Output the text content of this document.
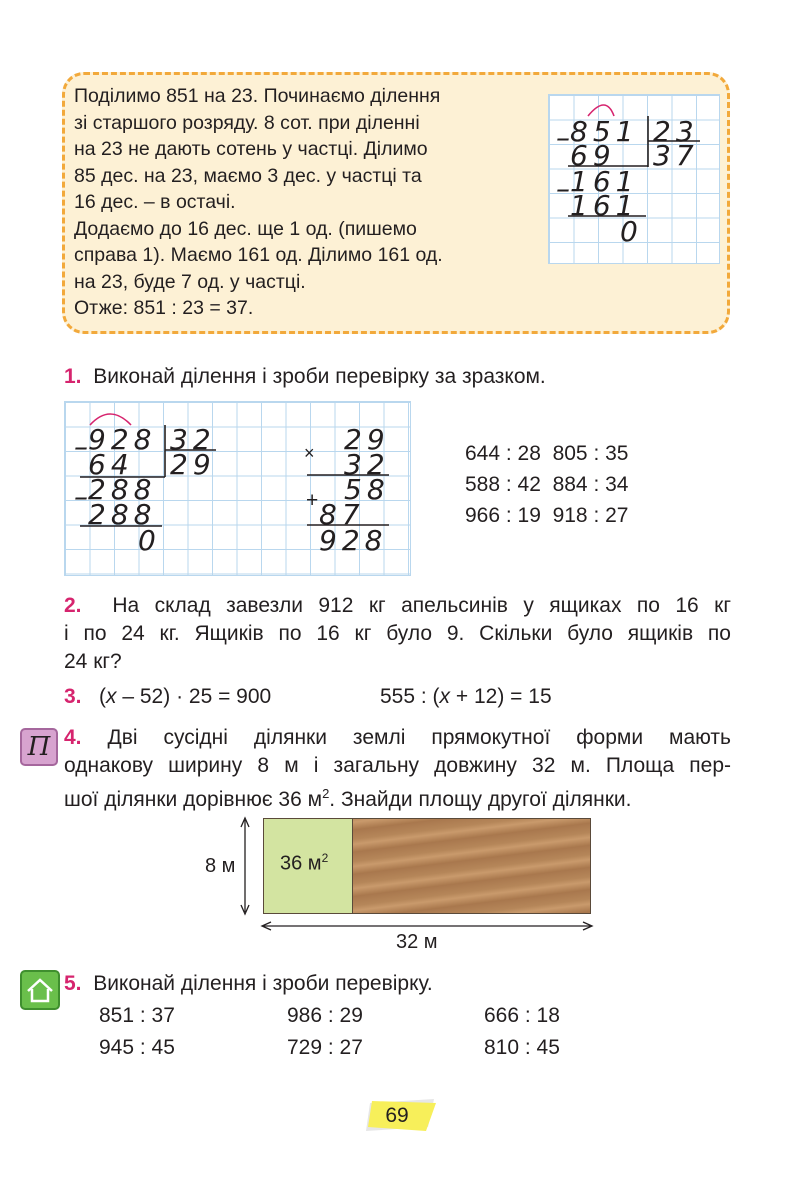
Поділимо 851 на 23. Починаємо ділення
зі старшого розряду. 8 сот. при діленні
на 23 не дають сотень у частці. Ділимо
85 дес. на 23, маємо 3 дес. у частці та
16 дес. – в остачі.
Додаємо до 16 дес. ще 1 од. (пишемо
справа 1). Маємо 161 од. Ділимо 161 од.
на 23, буде 7 од. у частці.
Отже: 851 : 23 = 37.
–
851 23
69 37
–
161
161
0
1. Виконай ділення і зроби перевірку за зразком.
–
928 32
64 29
–
288
288
0
× 29
32
58
+ 87
928
644 : 28 805 : 35
588 : 42 884 : 34
966 : 19 918 : 27
2. На склад завезли 912 кг апельсинів у ящиках по 16 кг
і по 24 кг. Ящиків по 16 кг було 9. Скільки було ящиків по
24 кг?
3. (x – 52) · 25 = 900	555 : (x + 12) = 15
П 4. Дві сусідні ділянки землі прямокутної форми мають
однакову ширину 8 м і загальну довжину 32 м. Площа пер-
шої ділянки дорівнює 36 $м^2$. Знайди площу другої ділянки.
36 $м^2$
8 м
32 м
5. Виконай ділення і зроби перевірку.
851 : 37	986 : 29	666 : 18
945 : 45	729 : 27	810 : 45
69
